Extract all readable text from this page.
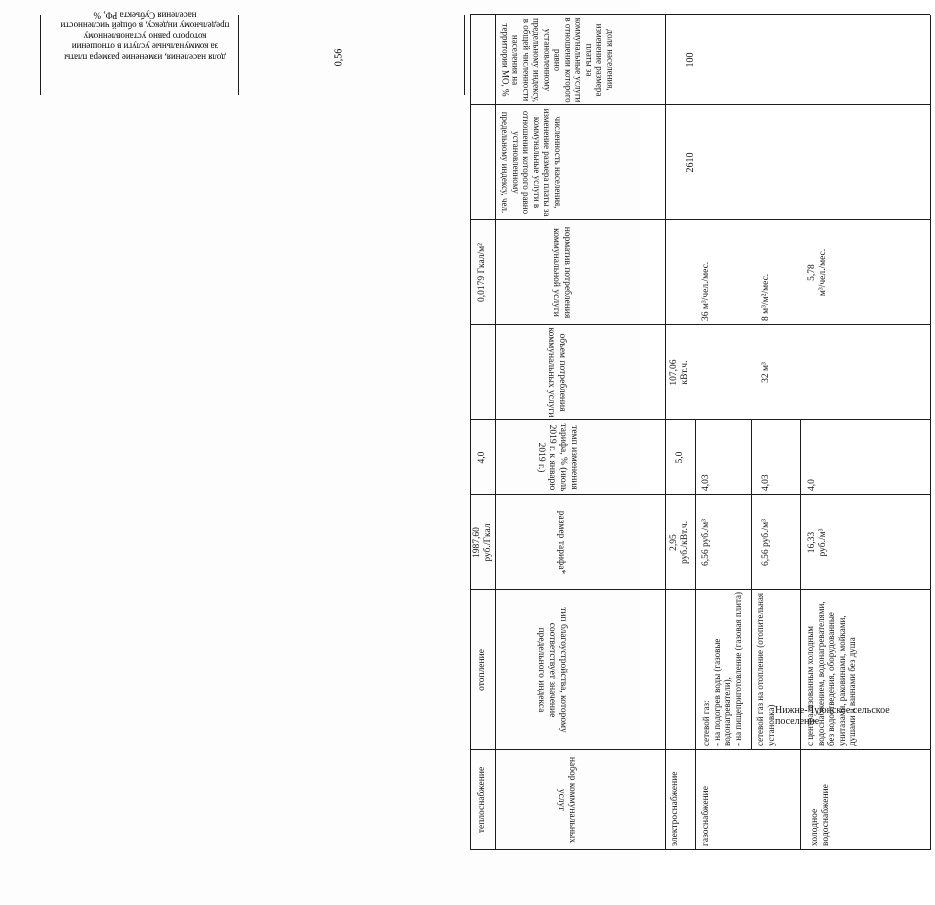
теплоснабжение
отопление
1987,60
руб./Гкал
4,0
0,0179 Гкал/м²
набор коммунальных услуг
тип благоустройства, которому соответствует значение предельного индекса
размер тарифа*
темп изменения тарифа, % (июль 2019 г. к январю 2019 г.)
объем потребления коммунальных услуги
норматив потребления коммунальной услуги
численность населения, изменение размера платы за коммунальные услуги в отношении которого равно установленному предельному индексу, чел.
доля населения, изменение размера платы за коммунальные услуги в отношении которого равно установленному предельному индексу, в общей численности населения на территории МО, %
электроснабжение
2,95
руб./кВт.ч.
5,0
107,06
кВт.ч.
газоснабжение
сетевой газ:
- на подогрев воды (газовые водонагреватели),
- на пищеприготовление (газовая плита)
6,56 руб./м³
4,03
36 м³/чел./мес.
сетевой газ на отопление (отопительная установка)
6,56 руб./м³
4,03
32 м³
8 м³/м²/мес.
холодное водоснабжение
с централизованным холодным водоснабжением, водонагревателями, без водоотведения, оборудованные унитазами, раковинами, мойками, душами и ваннами без душа
16,33
руб./м³
4,0
5,78
м³/чел./мес.
2610
100
Нижне-Чуюнское сельское поселение
доля населения, изменение размера платы за коммунальные услуги в отношении которого равно установленному предельному индексу, в общей численности населения Субъекта РФ, %
0,56
